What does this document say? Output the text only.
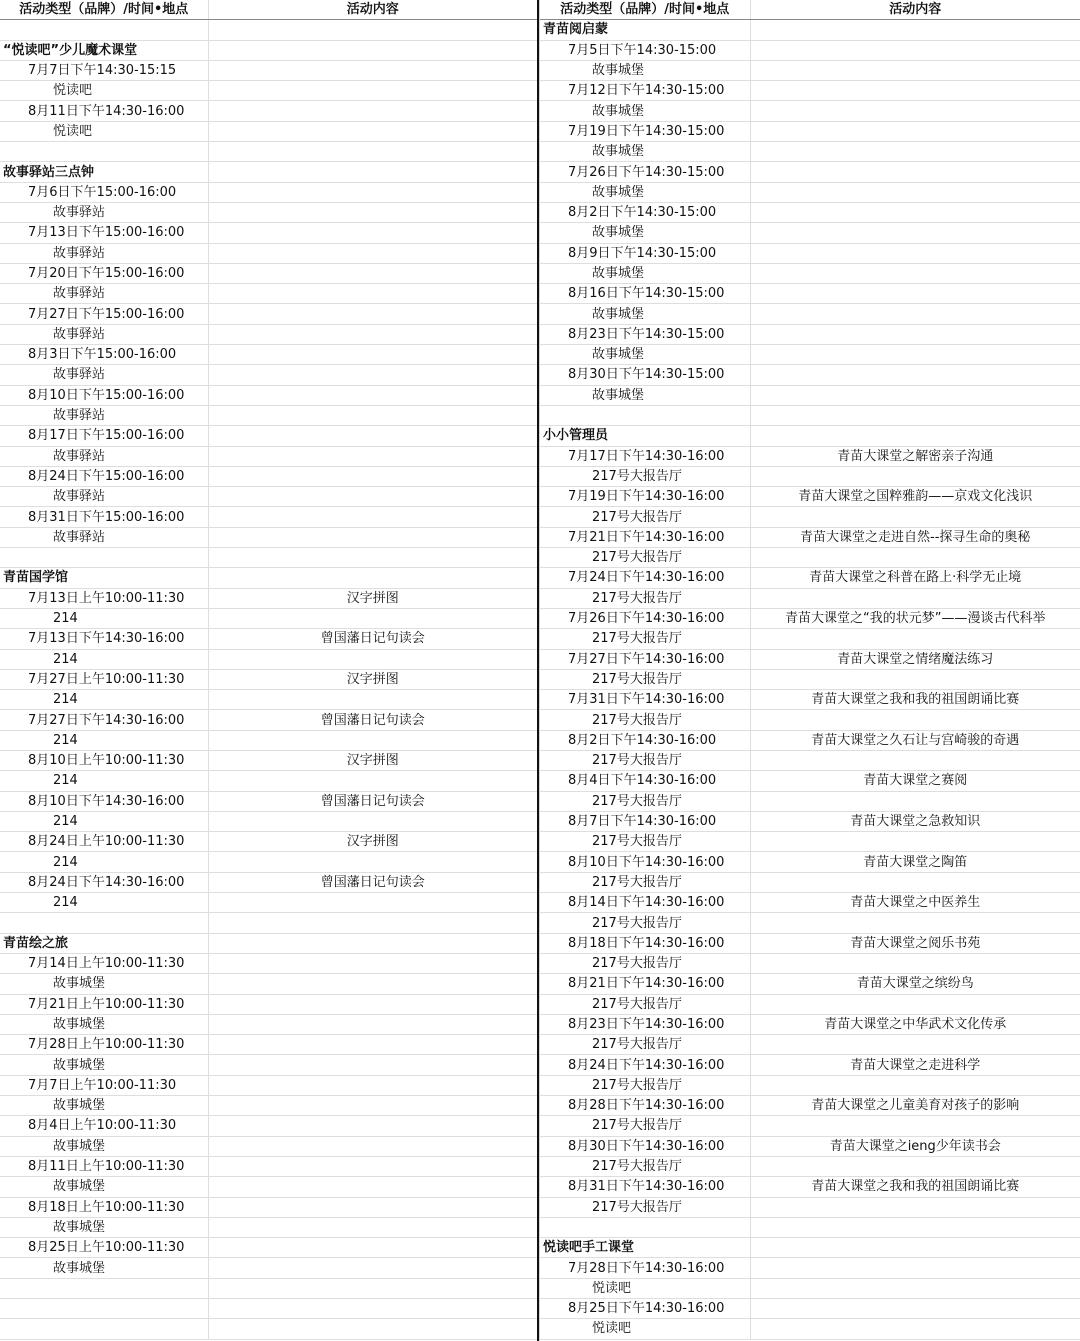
活动类型（品牌）/时间•地点	活动内容

“悦读吧”少儿魔术课堂	
7月7日下午14:30-15:15	
悦读吧	
8月11日下午14:30-16:00	
悦读吧	

故事驿站三点钟	
7月6日下午15:00-16:00	
故事驿站	
7月13日下午15:00-16:00	
故事驿站	
7月20日下午15:00-16:00	
故事驿站	
7月27日下午15:00-16:00	
故事驿站	
8月3日下午15:00-16:00	
故事驿站	
8月10日下午15:00-16:00	
故事驿站	
8月17日下午15:00-16:00	
故事驿站	
8月24日下午15:00-16:00	
故事驿站	
8月31日下午15:00-16:00	
故事驿站	

青苗国学馆	
7月13日上午10:00-11:30	汉字拼图
214	
7月13日下午14:30-16:00	曾国藩日记句读会
214	
7月27日上午10:00-11:30	汉字拼图
214	
7月27日下午14:30-16:00	曾国藩日记句读会
214	
8月10日上午10:00-11:30	汉字拼图
214	
8月10日下午14:30-16:00	曾国藩日记句读会
214	
8月24日上午10:00-11:30	汉字拼图
214	
8月24日下午14:30-16:00	曾国藩日记句读会
214	

青苗绘之旅	
7月14日上午10:00-11:30	
故事城堡	
7月21日上午10:00-11:30	
故事城堡	
7月28日上午10:00-11:30	
故事城堡	
7月7日上午10:00-11:30	
故事城堡	
8月4日上午10:00-11:30	
故事城堡	
8月11日上午10:00-11:30	
故事城堡	
8月18日上午10:00-11:30	
故事城堡	
8月25日上午10:00-11:30	
故事城堡	

活动类型（品牌）/时间•地点	活动内容
青苗阅启蒙	
7月5日下午14:30-15:00	
故事城堡	
7月12日下午14:30-15:00	
故事城堡	
7月19日下午14:30-15:00	
故事城堡	
7月26日下午14:30-15:00	
故事城堡	
8月2日下午14:30-15:00	
故事城堡	
8月9日下午14:30-15:00	
故事城堡	
8月16日下午14:30-15:00	
故事城堡	
8月23日下午14:30-15:00	
故事城堡	
8月30日下午14:30-15:00	
故事城堡	

小小管理员	
7月17日下午14:30-16:00	青苗大课堂之解密亲子沟通
217号大报告厅	
7月19日下午14:30-16:00	青苗大课堂之国粹雅韵——京戏文化浅识
217号大报告厅	
7月21日下午14:30-16:00	青苗大课堂之走进自然--探寻生命的奥秘
217号大报告厅	
7月24日下午14:30-16:00	青苗大课堂之科普在路上·科学无止境
217号大报告厅	
7月26日下午14:30-16:00	青苗大课堂之“我的状元梦”——漫谈古代科举
217号大报告厅	
7月27日下午14:30-16:00	青苗大课堂之情绪魔法练习
217号大报告厅	
7月31日下午14:30-16:00	青苗大课堂之我和我的祖国朗诵比赛
217号大报告厅	
8月2日下午14:30-16:00	青苗大课堂之久石让与宫崎骏的奇遇
217号大报告厅	
8月4日下午14:30-16:00	青苗大课堂之赛阅
217号大报告厅	
8月7日下午14:30-16:00	青苗大课堂之急救知识
217号大报告厅	
8月10日下午14:30-16:00	青苗大课堂之陶笛
217号大报告厅	
8月14日下午14:30-16:00	青苗大课堂之中医养生
217号大报告厅	
8月18日下午14:30-16:00	青苗大课堂之阅乐书苑
217号大报告厅	
8月21日下午14:30-16:00	青苗大课堂之缤纷鸟
217号大报告厅	
8月23日下午14:30-16:00	青苗大课堂之中华武术文化传承
217号大报告厅	
8月24日下午14:30-16:00	青苗大课堂之走进科学
217号大报告厅	
8月28日下午14:30-16:00	青苗大课堂之儿童美育对孩子的影响
217号大报告厅	
8月30日下午14:30-16:00	青苗大课堂之ieng少年读书会
217号大报告厅	
8月31日下午14:30-16:00	青苗大课堂之我和我的祖国朗诵比赛
217号大报告厅	

悦读吧手工课堂	
7月28日下午14:30-16:00	
悦读吧	
8月25日下午14:30-16:00	
悦读吧	
